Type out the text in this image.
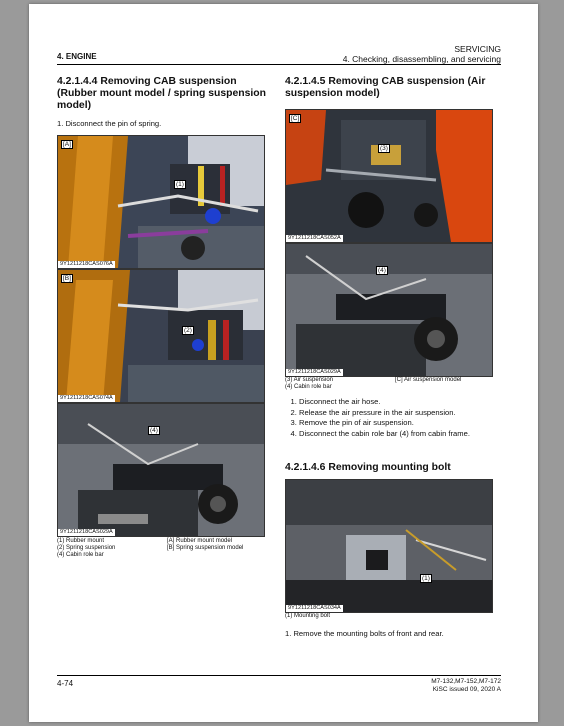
4. ENGINE
SERVICING
4. Checking, disassembling, and servicing
4.2.1.4.4 Removing CAB suspension (Rubber mount model / spring suspension model)
1. Disconnect the pin of spring.
[A]
(1)
9Y1211218CAS076A
[B]
(2)
9Y1211218CAS074A
(4)
9Y1211218CAS029A
(1) Rubber mount
(2) Spring suspension
(4) Cabin role bar
[A] Rubber mount model
[B] Spring suspension model
4.2.1.4.5 Removing CAB suspension (Air suspension model)
[C]
(3)
9Y1211218CAS052A
(4)
9Y1211218CAS029A
(3) Air suspension
(4) Cabin role bar
[C] Air suspension model
1. Disconnect the air hose.
2. Release the air pressure in the air suspension.
3. Remove the pin of air suspension.
4. Disconnect the cabin role bar (4) from cabin frame.
4.2.1.4.6 Removing mounting bolt
(1)
9Y1211218CAS034A
(1) Mounting bolt
1. Remove the mounting bolts of front and rear.
4-74	M7-132,M7-152,M7-172
KiSC issued 09, 2020 A
